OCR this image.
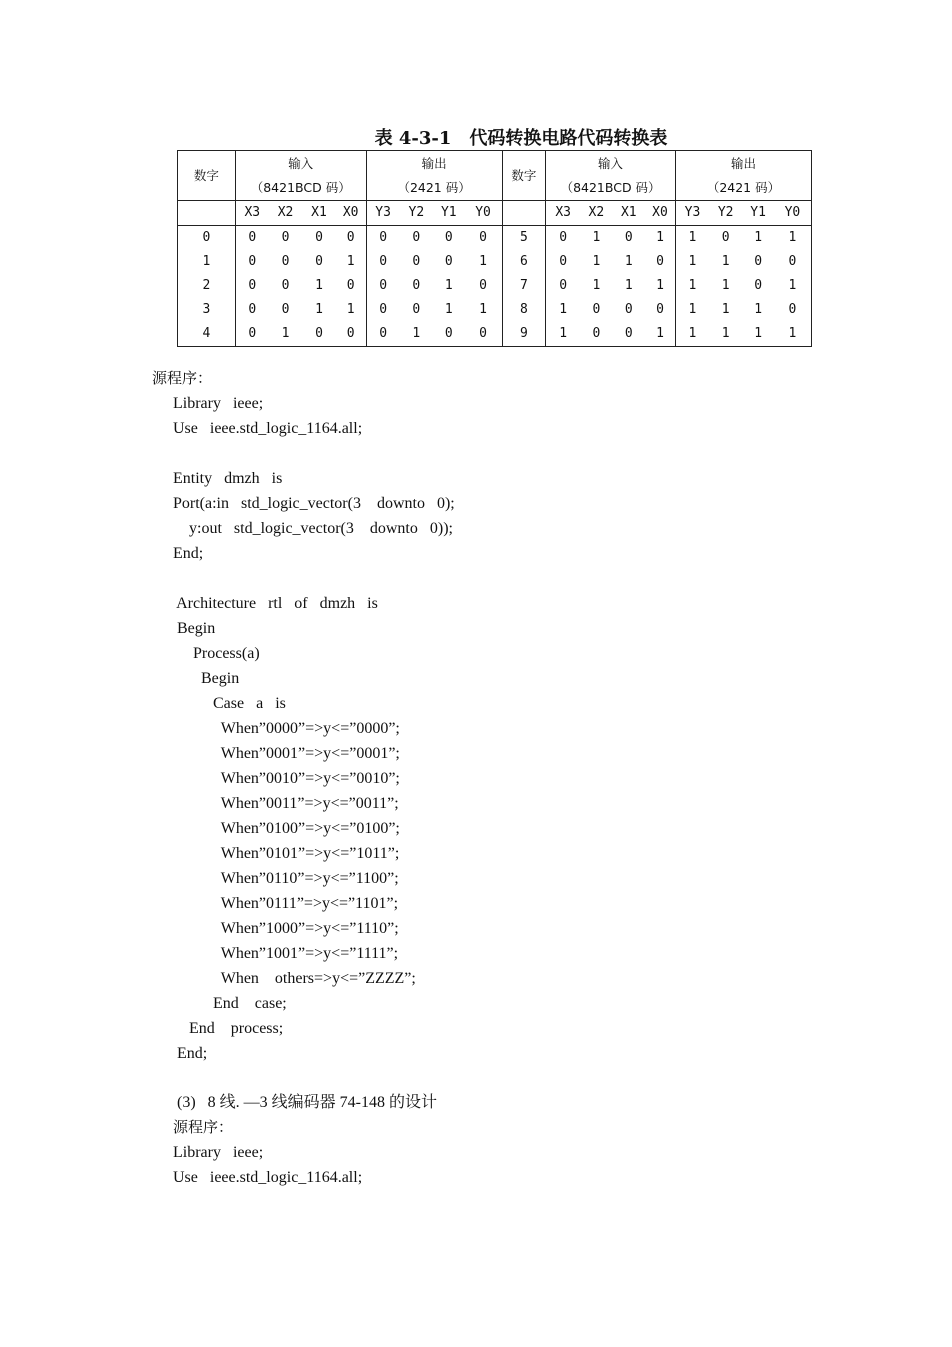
表 4-3-1　代码转换电路代码转换表
数字	输入				输出				数字	输入				输出			
	（8421BCD 码）				（2421 码）					（8421BCD 码）				（2421 码）			
	X3	X2	X1	X0	Y3	Y2	Y1	Y0		X3	X2	X1	X0	Y3	Y2	Y1	Y0
0	0	0	0	0	0	0	0	0	5	0	1	0	1	1	0	1	1
1	0	0	0	1	0	0	0	1	6	0	1	1	0	1	1	0	0
2	0	0	1	0	0	0	1	0	7	0	1	1	1	1	1	0	1
3	0	0	1	1	0	0	1	1	8	1	0	0	0	1	1	1	0
4	0	1	0	0	0	1	0	0	9	1	0	0	1	1	1	1	1
源程序：
Library   ieee;
Use   ieee.std_logic_1164.all;
Entity   dmzh   is
Port(a:in   std_logic_vector(3    downto   0);
y:out   std_logic_vector(3    downto   0));
End;
Architecture   rtl   of   dmzh   is
Begin
Process(a)
Begin
Case   a   is
When”0000”=>y<=”0000”;
When”0001”=>y<=”0001”;
When”0010”=>y<=”0010”;
When”0011”=>y<=”0011”;
When”0100”=>y<=”0100”;
When”0101”=>y<=”1011”;
When”0110”=>y<=”1100”;
When”0111”=>y<=”1101”;
When”1000”=>y<=”1110”;
When”1001”=>y<=”1111”;
When    others=>y<=”ZZZZ”;
End    case;
End    process;
End;
(3)   8 线. —3 线编码器 74-148 的设计
源程序：
Library   ieee;
Use   ieee.std_logic_1164.all;
